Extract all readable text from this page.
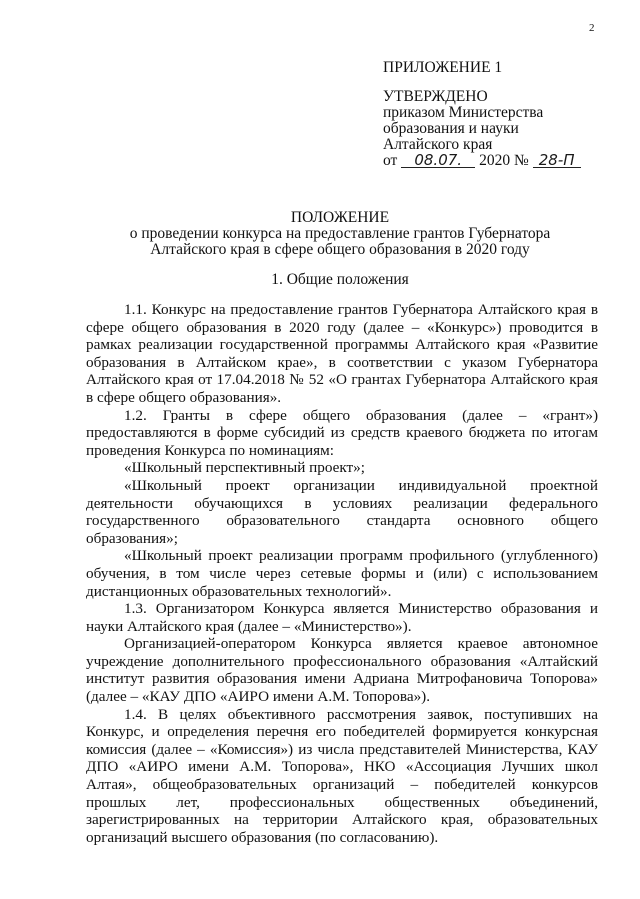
2
ПРИЛОЖЕНИЕ 1
УТВЕРЖДЕНО
приказом Министерства
образования и науки
Алтайского края
от 08.07. 2020 № 28-П
ПОЛОЖЕНИЕ
о проведении конкурса на предоставление грантов Губернатора
Алтайского края в сфере общего образования в 2020 году
1. Общие положения

1.1. Конкурс на предоставление грантов Губернатора Алтайского края в сфере общего образования в 2020 году (далее – «Конкурс») проводится в рамках реализации государственной программы Алтайского края «Развитие образования в Алтайском крае», в соответствии с указом Губернатора Алтайского края от 17.04.2018 № 52 «О грантах Губернатора Алтайского края в сфере общего образования».

1.2. Гранты в сфере общего образования (далее – «грант») предоставляются в форме субсидий из средств краевого бюджета по итогам проведения Конкурса по номинациям:

«Школьный перспективный проект»;

«Школьный проект организации индивидуальной проектной деятельности обучающихся в условиях реализации федерального государственного образовательного стандарта основного общего образования»;

«Школьный проект реализации программ профильного (углубленного) обучения, в том числе через сетевые формы и (или) с использованием дистанционных образовательных технологий».

1.3. Организатором Конкурса является Министерство образования и науки Алтайского края (далее – «Министерство»).

Организацией-оператором Конкурса является краевое автономное учреждение дополнительного профессионального образования «Алтайский институт развития образования имени Адриана Митрофановича Топорова» (далее – «КАУ ДПО «АИРО имени А.М. Топорова»).

1.4. В целях объективного рассмотрения заявок, поступивших на Конкурс, и определения перечня его победителей формируется конкурсная комиссия (далее – «Комиссия») из числа представителей Министерства, КАУ ДПО «АИРО имени А.М. Топорова», НКО «Ассоциация Лучших школ Алтая», общеобразовательных организаций – победителей конкурсов прошлых лет, профессиональных общественных объединений, зарегистрированных на территории Алтайского края, образовательных организаций высшего образования (по согласованию).
